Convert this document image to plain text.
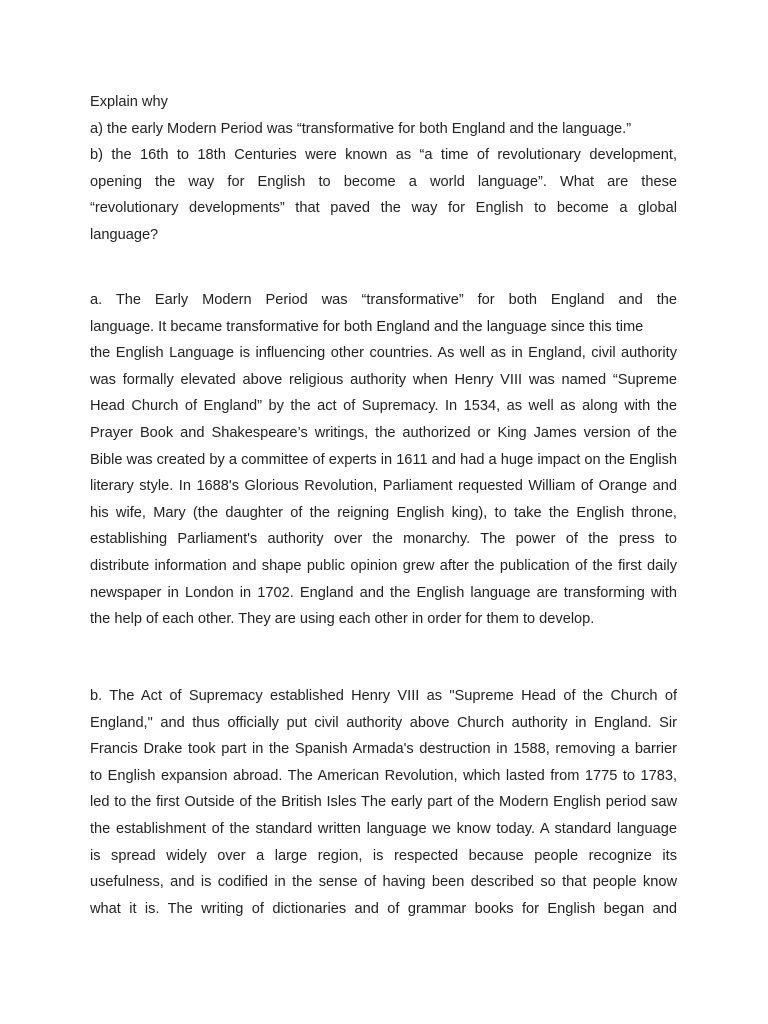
Explain why
a) the early Modern Period was “transformative for both England and the language.”
b) the 16th to 18th Centuries were known as “a time of revolutionary development,
opening the way for English to become a world language”. What are these
“revolutionary developments” that paved the way for English to become a global
language?
a. The Early Modern Period was “transformative” for both England and the
language. It became transformative for both England and the language since this time
the English Language is influencing other countries. As well as in England, civil authority
was formally elevated above religious authority when Henry VIII was named “Supreme
Head Church of England” by the act of Supremacy. In 1534, as well as along with the
Prayer Book and Shakespeare’s writings, the authorized or King James version of the
Bible was created by a committee of experts in 1611 and had a huge impact on the English
literary style. In 1688's Glorious Revolution, Parliament requested William of Orange and
his wife, Mary (the daughter of the reigning English king), to take the English throne,
establishing Parliament's authority over the monarchy. The power of the press to
distribute information and shape public opinion grew after the publication of the first daily
newspaper in London in 1702. England and the English language are transforming with
the help of each other. They are using each other in order for them to develop.
b. The Act of Supremacy established Henry VIII as "Supreme Head of the Church of
England," and thus officially put civil authority above Church authority in England. Sir
Francis Drake took part in the Spanish Armada's destruction in 1588, removing a barrier
to English expansion abroad. The American Revolution, which lasted from 1775 to 1783,
led to the first Outside of the British Isles The early part of the Modern English period saw
the establishment of the standard written language we know today. A standard language
is spread widely over a large region, is respected because people recognize its
usefulness, and is codified in the sense of having been described so that people know
what it is. The writing of dictionaries and of grammar books for English began and
